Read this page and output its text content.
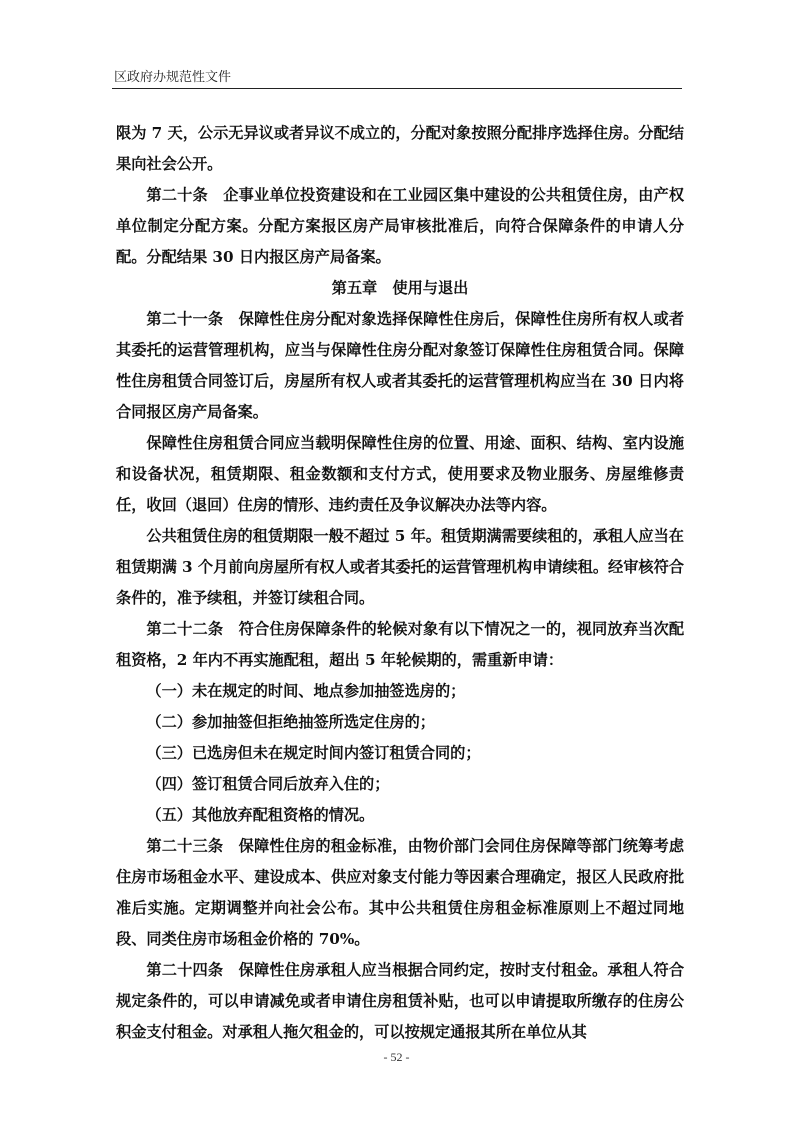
区政府办规范性文件

限为 7 天，公示无异议或者异议不成立的，分配对象按照分配排序选择住房。分配结果向社会公开。

第二十条　企事业单位投资建设和在工业园区集中建设的公共租赁住房，由产权单位制定分配方案。分配方案报区房产局审核批准后，向符合保障条件的申请人分配。分配结果 30 日内报区房产局备案。

第五章　使用与退出

第二十一条　保障性住房分配对象选择保障性住房后，保障性住房所有权人或者其委托的运营管理机构，应当与保障性住房分配对象签订保障性住房租赁合同。保障性住房租赁合同签订后，房屋所有权人或者其委托的运营管理机构应当在 30 日内将合同报区房产局备案。

保障性住房租赁合同应当载明保障性住房的位置、用途、面积、结构、室内设施和设备状况，租赁期限、租金数额和支付方式，使用要求及物业服务、房屋维修责任，收回（退回）住房的情形、违约责任及争议解决办法等内容。

公共租赁住房的租赁期限一般不超过 5 年。租赁期满需要续租的，承租人应当在租赁期满 3 个月前向房屋所有权人或者其委托的运营管理机构申请续租。经审核符合条件的，准予续租，并签订续租合同。

第二十二条　符合住房保障条件的轮候对象有以下情况之一的，视同放弃当次配租资格，2 年内不再实施配租，超出 5 年轮候期的，需重新申请：

（一）未在规定的时间、地点参加抽签选房的；

（二）参加抽签但拒绝抽签所选定住房的；

（三）已选房但未在规定时间内签订租赁合同的；

（四）签订租赁合同后放弃入住的；

（五）其他放弃配租资格的情况。

第二十三条　保障性住房的租金标准，由物价部门会同住房保障等部门统筹考虑住房市场租金水平、建设成本、供应对象支付能力等因素合理确定，报区人民政府批准后实施。定期调整并向社会公布。其中公共租赁住房租金标准原则上不超过同地段、同类住房市场租金价格的 70%。

第二十四条　保障性住房承租人应当根据合同约定，按时支付租金。承租人符合规定条件的，可以申请减免或者申请住房租赁补贴，也可以申请提取所缴存的住房公积金支付租金。对承租人拖欠租金的，可以按规定通报其所在单位从其

- 52 -
